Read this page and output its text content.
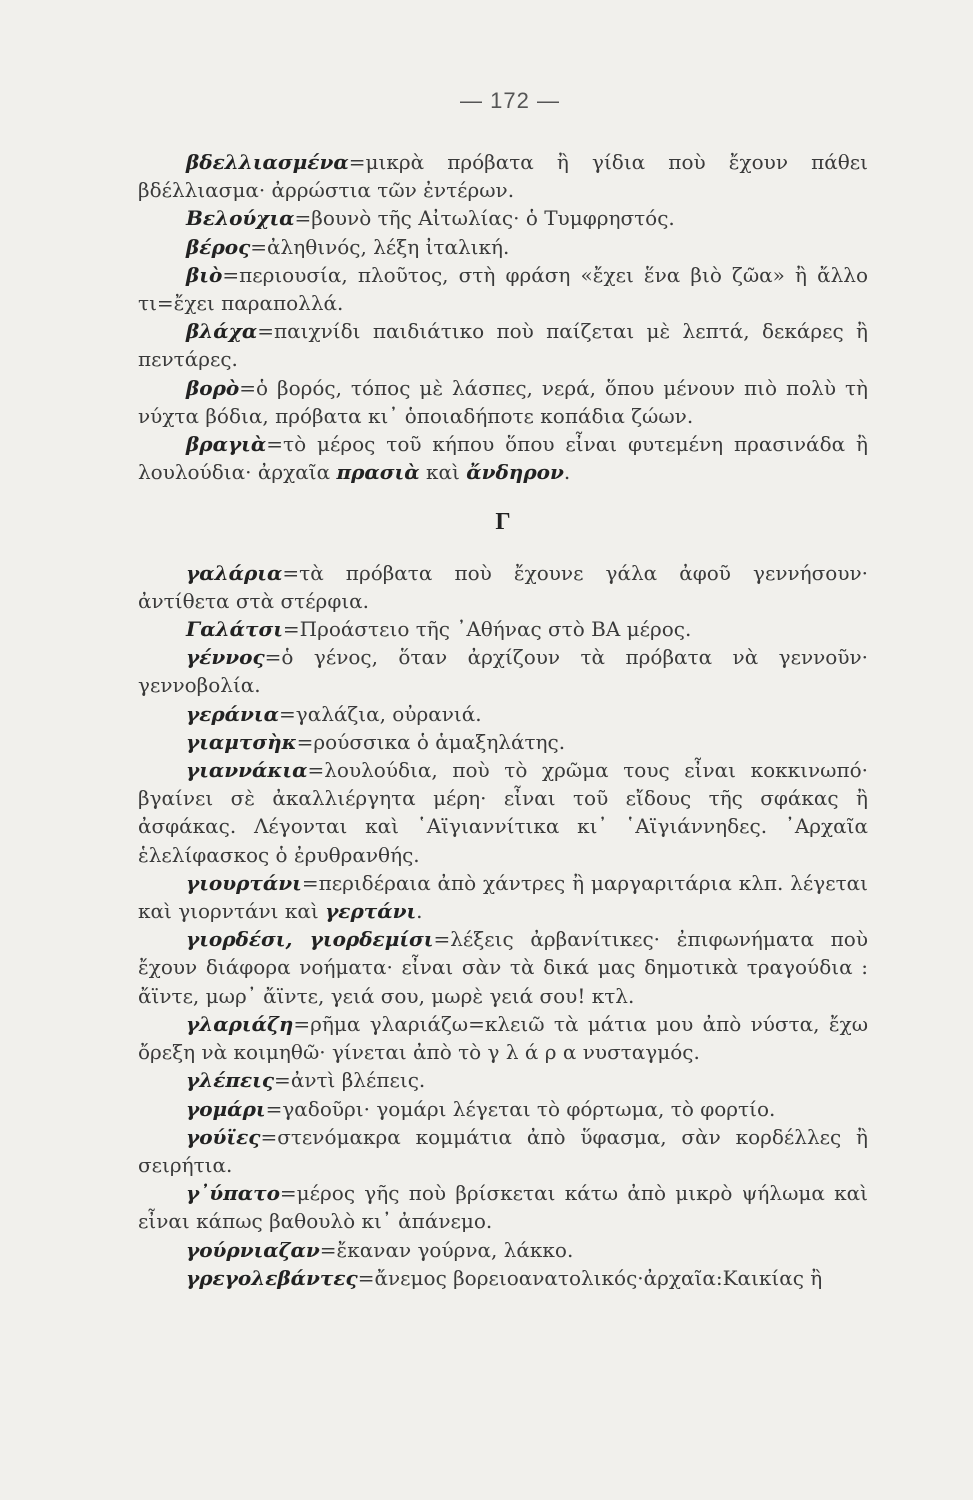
— 172 —

βδελλιασμένα=μικρὰ πρόβατα ἢ γίδια ποὺ ἔχουν πάθει βδέλλιασμα· ἀρρώστια τῶν ἐντέρων.

Βελούχια=βουνὸ τῆς Αἰτωλίας· ὁ Τυμφρηστός.

βέρος=ἀληθινός, λέξη ἰταλική.

βιὸ=περιουσία, πλοῦτος, στὴ φράση «ἔχει ἕνα βιὸ ζῶα» ἢ ἄλλο τι=ἔχει παραπολλά.

βλάχα=παιχνίδι παιδιάτικο ποὺ παίζεται μὲ λεπτά, δεκάρες ἢ πεντάρες.

βορὸ=ὁ βορός, τόπος μὲ λάσπες, νερά, ὅπου μένουν πιὸ πολὺ τὴ νύχτα βόδια, πρόβατα κι᾿ ὁποιαδήποτε κοπάδια ζώων.

βραγιὰ=τὸ μέρος τοῦ κήπου ὅπου εἶναι φυτεμένη πρασινάδα ἢ λουλούδια· ἀρχαῖα πρασιὰ καὶ ἄνδηρον.

Γ

γαλάρια=τὰ πρόβατα ποὺ ἔχουνε γάλα ἀφοῦ γεννήσουν· ἀντίθετα στὰ στέρφια.

Γαλάτσι=Προάστειο τῆς ᾿Αθήνας στὸ ΒΑ μέρος.

γέννος=ὁ γένος, ὅταν ἀρχίζουν τὰ πρόβατα νὰ γεννοῦν· γεννοβολία.

γεράνια=γαλάζια, οὐρανιά.

γιαμτσὴκ=ρούσσικα ὁ ἁμαξηλάτης.

γιαννάκια=λουλούδια, ποὺ τὸ χρῶμα τους εἶναι κοκκινωπό· βγαίνει σὲ ἀκαλλιέργητα μέρη· εἶναι τοῦ εἴδους τῆς σφάκας ἢ ἀσφάκας. Λέγονται καὶ ῾Αϊγιαννίτικα κι᾿ ῾Αϊγιάννηδες. ᾿Αρχαῖα ἑλελίφασκος ὁ ἐρυθρανθής.

γιουρτάνι=περιδέραια ἀπὸ χάντρες ἢ μαργαριτάρια κλπ. λέγεται καὶ γιορντάνι καὶ γερτάνι.

γιορδέσι, γιορδεμίσι=λέξεις ἀρβανίτικες· ἐπιφωνήματα ποὺ ἔχουν διάφορα νοήματα· εἶναι σὰν τὰ δικά μας δημοτικὰ τραγούδια : ἄϊντε, μωρ᾿ ἄϊντε, γειά σου, μωρὲ γειά σου! κτλ.

γλαριάζη=ρῆμα γλαριάζω=κλειῶ τὰ μάτια μου ἀπὸ νύστα, ἔχω ὄρεξη νὰ κοιμηθῶ· γίνεται ἀπὸ τὸ γ λ ά ρ α νυσταγμός.

γλέπεις=ἀντὶ βλέπεις.

γομάρι=γαδοῦρι· γομάρι λέγεται τὸ φόρτωμα, τὸ φορτίο.

γούϊες=στενόμακρα κομμάτια ἀπὸ ὕφασμα, σὰν κορδέλλες ἢ σειρήτια.

γ᾿ύπατο=μέρος γῆς ποὺ βρίσκεται κάτω ἀπὸ μικρὸ ψήλωμα καὶ εἶναι κάπως βαθουλὸ κι᾿ ἀπάνεμο.

γούρνιαζαν=ἔκαναν γούρνα, λάκκο.

γρεγολεβάντες=ἄνεμος βορειοανατολικός·ἀρχαῖα:Καικίας ἢ
